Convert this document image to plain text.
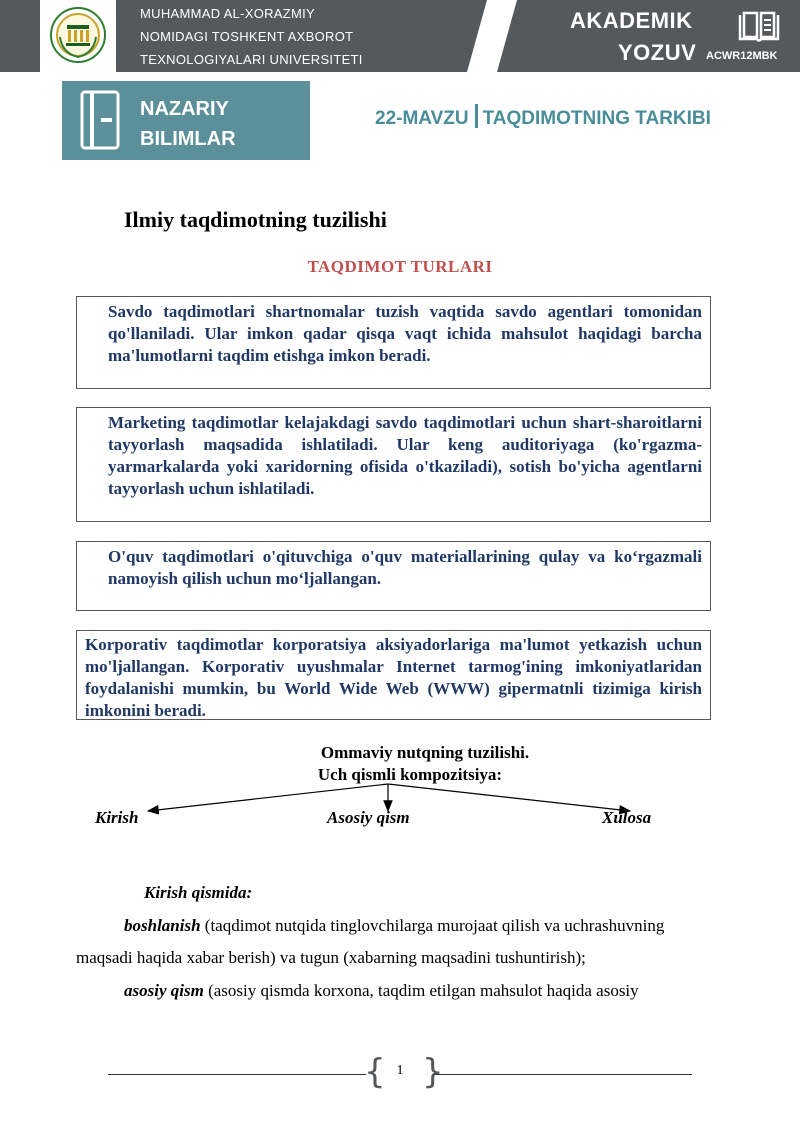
MUHAMMAD AL-XORAZMIY
NOMIDAGI TOSHKENT AXBOROT
TEXNOLOGIYALARI UNIVERSITETI
AKADEMIK
YOZUV ACWR12MBK
NAZARIY
BILIMLAR
22-MAVZU TAQDIMOTNING TARKIBI
Ilmiy taqdimotning tuzilishi
TAQDIMOT TURLARI

Savdo taqdimotlari shartnomalar tuzish vaqtida savdo agentlari tomonidan qo'llaniladi. Ular imkon qadar qisqa vaqt ichida mahsulot haqidagi barcha ma'lumotlarni taqdim etishga imkon beradi.

Marketing taqdimotlar kelajakdagi savdo taqdimotlari uchun shart-sharoitlarni tayyorlash maqsadida ishlatiladi. Ular keng auditoriyaga (ko'rgazma-yarmarkalarda yoki xaridorning ofisida o'tkaziladi), sotish bo'yicha agentlarni tayyorlash uchun ishlatiladi.

O'quv taqdimotlari o'qituvchiga o'quv materiallarining qulay va ko‘rgazmali namoyish qilish uchun mo‘ljallangan.

Korporativ taqdimotlar korporatsiya aksiyadorlariga ma'lumot yetkazish uchun mo'ljallangan. Korporativ uyushmalar Internet tarmog'ining imkoniyatlaridan foydalanishi mumkin, bu World Wide Web (WWW) gipermatnli tizimiga kirish imkonini beradi.

Ommaviy nutqning tuzilishi.
Uch qismli kompozitsiya:
Kirish	Asosiy qism	Xulosa
Kirish qismida:
boshlanish (taqdimot nutqida tinglovchilarga murojaat qilish va uchrashuvning
maqsadi haqida xabar berish) va tugun (xabarning maqsadini tushuntirish);
asosiy qism (asosiy qismda korxona, taqdim etilgan mahsulot haqida asosiy
{ }
1
